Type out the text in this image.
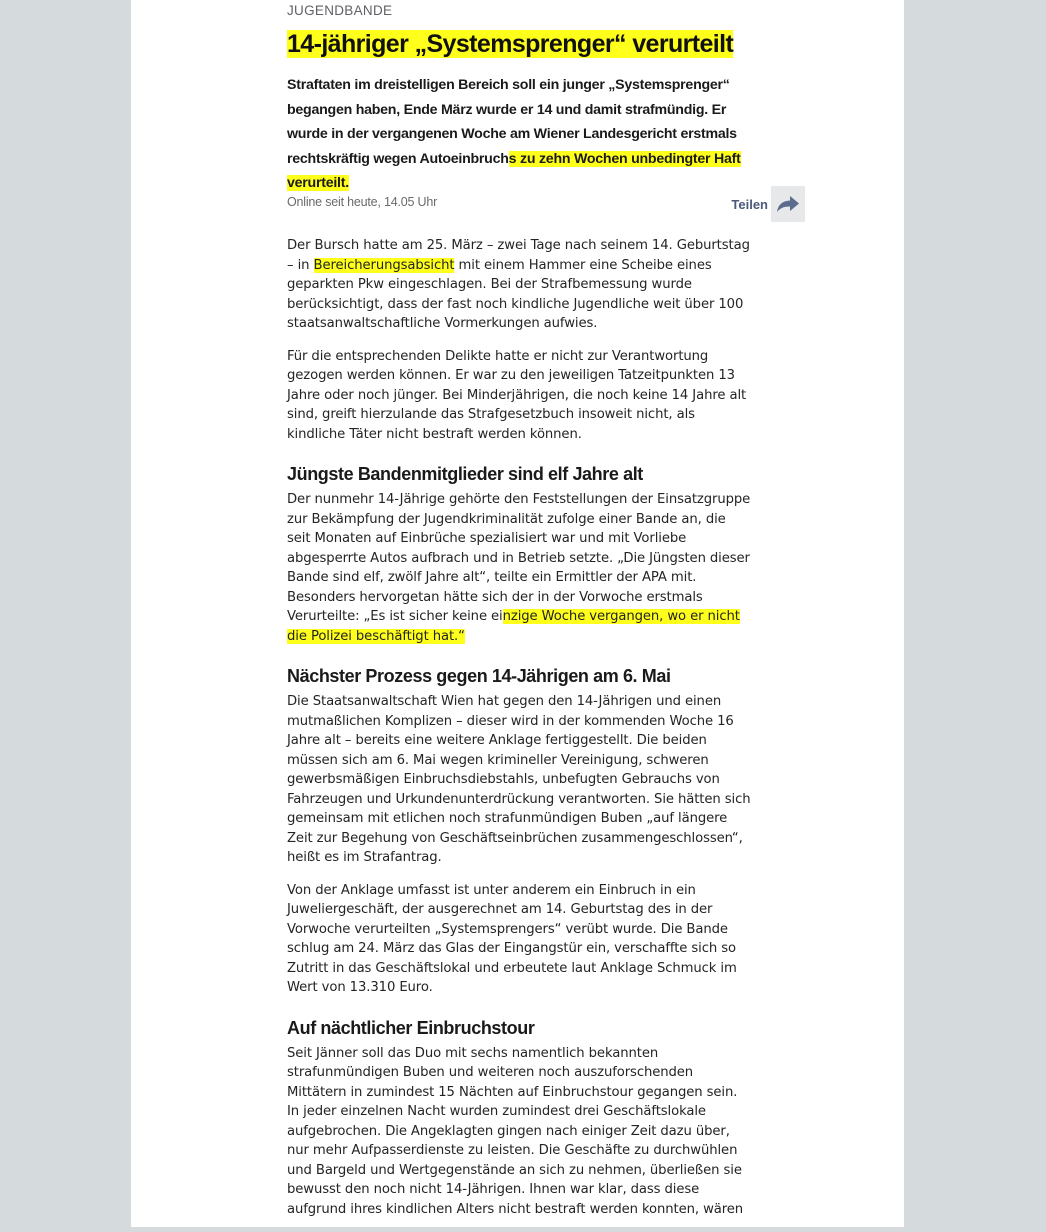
JUGENDBANDE
14-jähriger „Systemsprenger“ verurteilt

Straftaten im dreistelligen Bereich soll ein junger „Systemsprenger“ begangen haben, Ende März wurde er 14 und damit strafmündig. Er wurde in der vergangenen Woche am Wiener Landesgericht erstmals rechtskräftig wegen Autoeinbruchs zu zehn Wochen unbedingter Haft verurteilt.

Online seit heute, 14.05 Uhr	Teilen

Der Bursch hatte am 25. März – zwei Tage nach seinem 14. Geburtstag – in Bereicherungsabsicht mit einem Hammer eine Scheibe eines geparkten Pkw eingeschlagen. Bei der Strafbemessung wurde berücksichtigt, dass der fast noch kindliche Jugendliche weit über 100 staatsanwaltschaftliche Vormerkungen aufwies.

Für die entsprechenden Delikte hatte er nicht zur Verantwortung gezogen werden können. Er war zu den jeweiligen Tatzeitpunkten 13 Jahre oder noch jünger. Bei Minderjährigen, die noch keine 14 Jahre alt sind, greift hierzulande das Strafgesetzbuch insoweit nicht, als kindliche Täter nicht bestraft werden können.

Jüngste Bandenmitglieder sind elf Jahre alt

Der nunmehr 14-Jährige gehörte den Feststellungen der Einsatzgruppe zur Bekämpfung der Jugendkriminalität zufolge einer Bande an, die seit Monaten auf Einbrüche spezialisiert war und mit Vorliebe abgesperrte Autos aufbrach und in Betrieb setzte. „Die Jüngsten dieser Bande sind elf, zwölf Jahre alt“, teilte ein Ermittler der APA mit. Besonders hervorgetan hätte sich der in der Vorwoche erstmals Verurteilte: „Es ist sicher keine einzige Woche vergangen, wo er nicht die Polizei beschäftigt hat.“

Nächster Prozess gegen 14-Jährigen am 6. Mai

Die Staatsanwaltschaft Wien hat gegen den 14-Jährigen und einen mutmaßlichen Komplizen – dieser wird in der kommenden Woche 16 Jahre alt – bereits eine weitere Anklage fertiggestellt. Die beiden müssen sich am 6. Mai wegen krimineller Vereinigung, schweren gewerbsmäßigen Einbruchsdiebstahls, unbefugten Gebrauchs von Fahrzeugen und Urkundenunterdrückung verantworten. Sie hätten sich gemeinsam mit etlichen noch strafunmündigen Buben „auf längere Zeit zur Begehung von Geschäftseinbrüchen zusammengeschlossen“, heißt es im Strafantrag.

Von der Anklage umfasst ist unter anderem ein Einbruch in ein Juweliergeschäft, der ausgerechnet am 14. Geburtstag des in der Vorwoche verurteilten „Systemsprengers“ verübt wurde. Die Bande schlug am 24. März das Glas der Eingangstür ein, verschaffte sich so Zutritt in das Geschäftslokal und erbeutete laut Anklage Schmuck im Wert von 13.310 Euro.

Auf nächtlicher Einbruchstour

Seit Jänner soll das Duo mit sechs namentlich bekannten strafunmündigen Buben und weiteren noch auszuforschenden Mittätern in zumindest 15 Nächten auf Einbruchstour gegangen sein. In jeder einzelnen Nacht wurden zumindest drei Geschäftslokale aufgebrochen. Die Angeklagten gingen nach einiger Zeit dazu über, nur mehr Aufpasserdienste zu leisten. Die Geschäfte zu durchwühlen und Bargeld und Wertgegenstände an sich zu nehmen, überließen sie bewusst den noch nicht 14-Jährigen. Ihnen war klar, dass diese aufgrund ihres kindlichen Alters nicht bestraft werden konnten, wären
